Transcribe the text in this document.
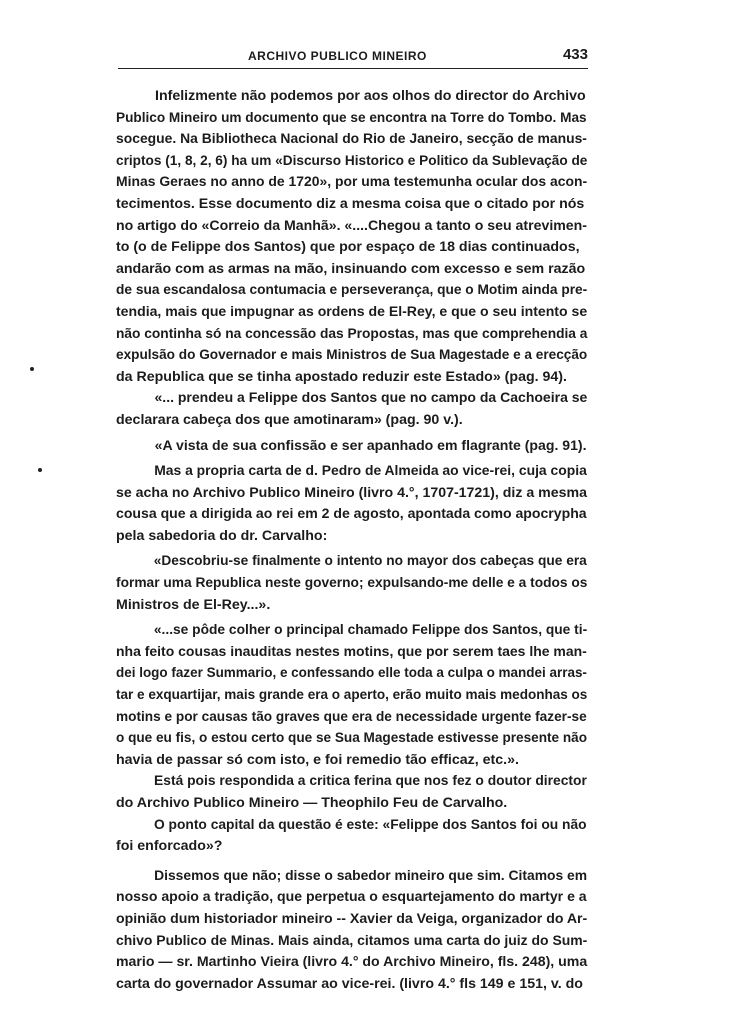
ARCHIVO PUBLICO MINEIRO	433
Infelizmente não podemos por aos olhos do director do Archivo
Publico Mineiro um documento que se encontra na Torre do Tombo. Mas
socegue. Na Bibliotheca Nacional do Rio de Janeiro, secção de manus-
criptos (1, 8, 2, 6) ha um «Discurso Historico e Politico da Sublevação de
Minas Geraes no anno de 1720», por uma testemunha ocular dos acon-
tecimentos. Esse documento diz a mesma coisa que o citado por nós
no artigo do «Correio da Manhã». «....Chegou a tanto o seu atrevimen-
to (o de Felippe dos Santos) que por espaço de 18 dias continuados,
andarão com as armas na mão, insinuando com excesso e sem razão
de sua escandalosa contumacia e perseverança, que o Motim ainda pre-
tendia, mais que impugnar as ordens de El-Rey, e que o seu intento se
não continha só na concessão das Propostas, mas que comprehendia a
expulsão do Governador e mais Ministros de Sua Magestade e a erecção
da Republica que se tinha apostado reduzir este Estado» (pag. 94).
«... prendeu a Felippe dos Santos que no campo da Cachoeira se
declarara cabeça dos que amotinaram» (pag. 90 v.).
«A vista de sua confissão e ser apanhado em flagrante (pag. 91).
Mas a propria carta de d. Pedro de Almeida ao vice-rei, cuja copia
se acha no Archivo Publico Mineiro (livro 4.°, 1707-1721), diz a mesma
cousa que a dirigida ao rei em 2 de agosto, apontada como apocrypha
pela sabedoria do dr. Carvalho:
«Descobriu-se finalmente o intento no mayor dos cabeças que era
formar uma Republica neste governo; expulsando-me delle e a todos os
Ministros de El-Rey...».
«...se pôde colher o principal chamado Felippe dos Santos, que ti-
nha feito cousas inauditas nestes motins, que por serem taes lhe man-
dei logo fazer Summario, e confessando elle toda a culpa o mandei arras-
tar e exquartijar, mais grande era o aperto, erão muito mais medonhas os
motins e por causas tão graves que era de necessidade urgente fazer-se
o que eu fis, o estou certo que se Sua Magestade estivesse presente não
havia de passar só com isto, e foi remedio tão efficaz, etc.».
Está pois respondida a critica ferina que nos fez o doutor director
do Archivo Publico Mineiro — Theophilo Feu de Carvalho.
O ponto capital da questão é este: «Felippe dos Santos foi ou não
foi enforcado»?
Dissemos que não; disse o sabedor mineiro que sim. Citamos em
nosso apoio a tradição, que perpetua o esquartejamento do martyr e a
opinião dum historiador mineiro -- Xavier da Veiga, organizador do Ar-
chivo Publico de Minas. Mais ainda, citamos uma carta do juiz do Sum-
mario — sr. Martinho Vieira (livro 4.° do Archivo Mineiro, fls. 248), uma
carta do governador Assumar ao vice-rei. (livro 4.° fls 149 e 151, v. do
